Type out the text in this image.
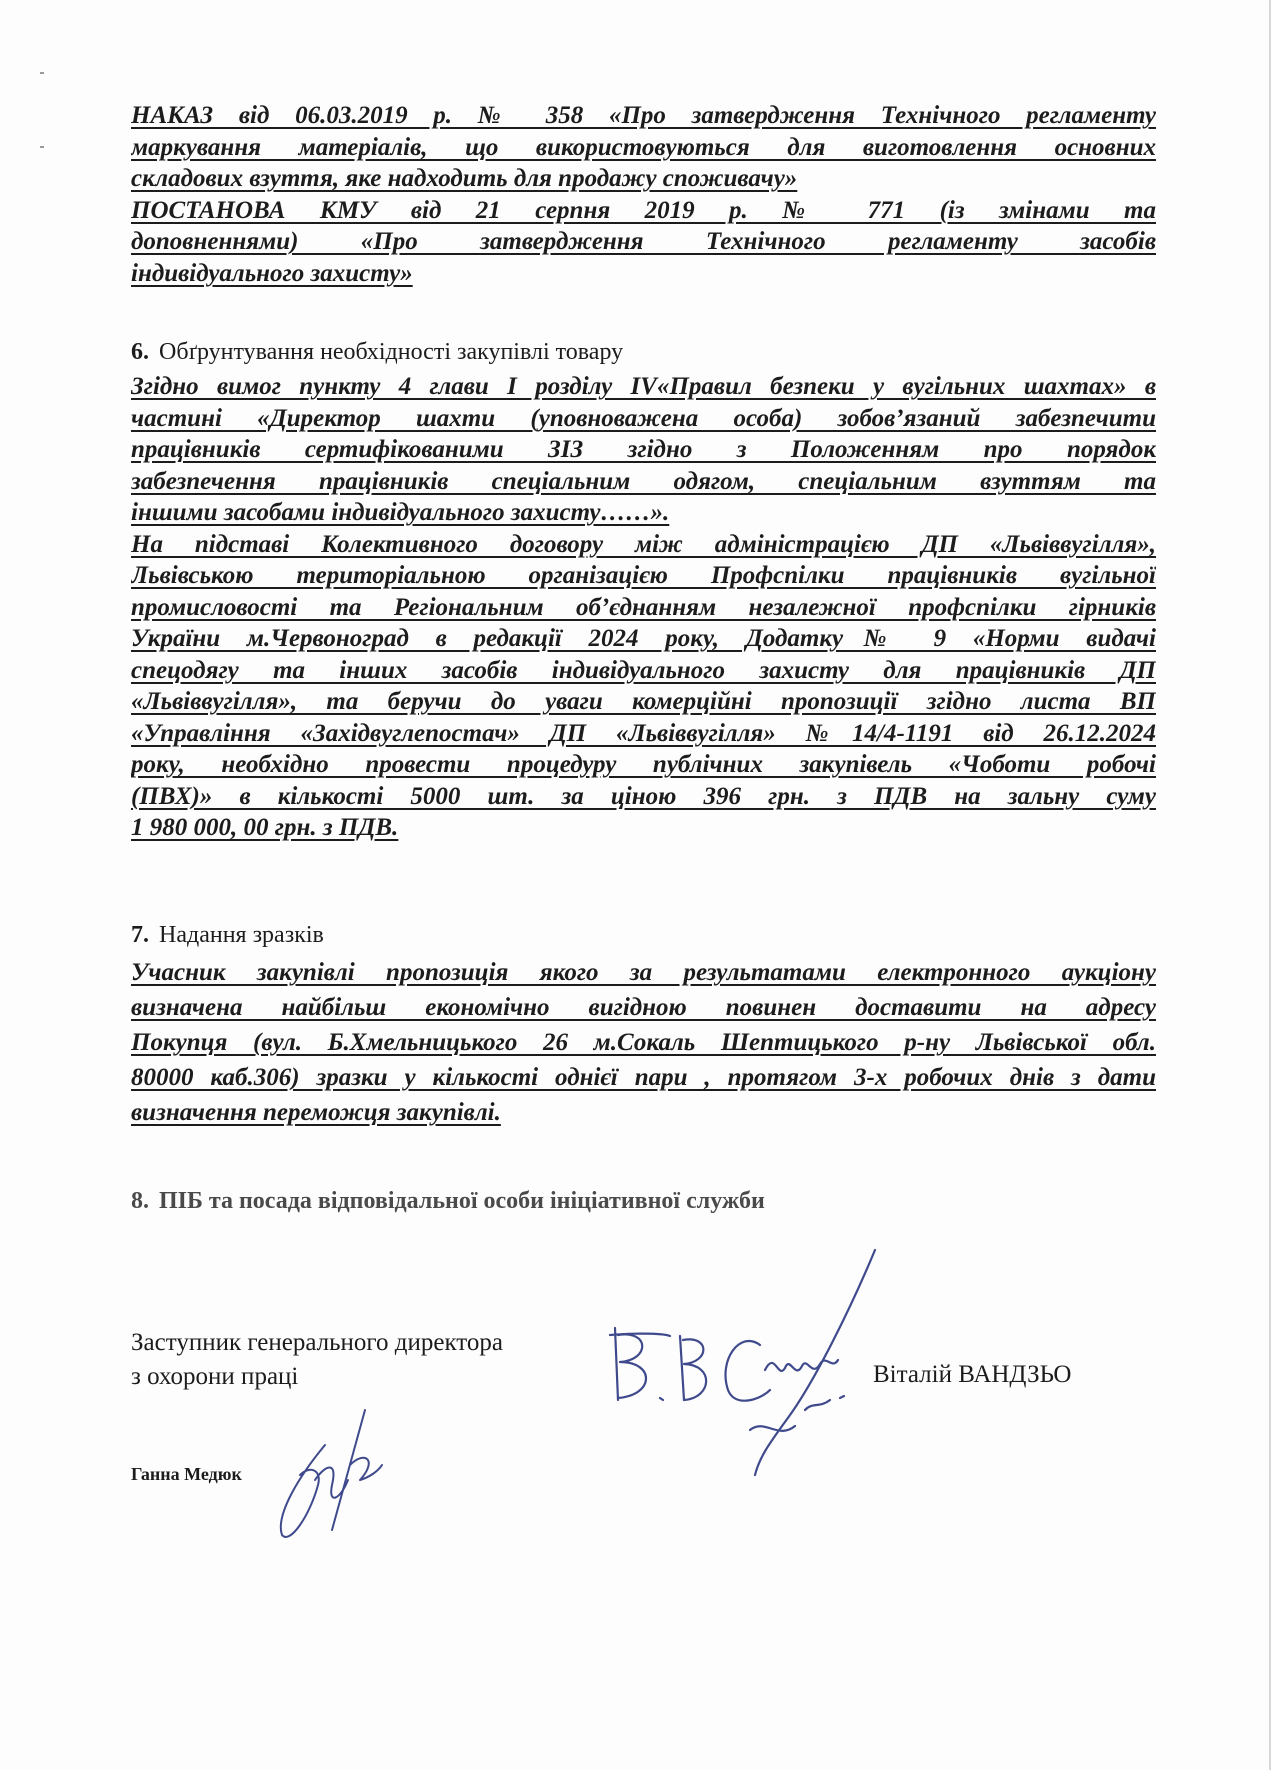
НАКАЗ від 06.03.2019 р. № 358 «Про затвердження Технічного регламенту
маркування матеріалів, що використовуються для виготовлення основних
складових взуття, яке надходить для продажу споживачу»
ПОСТАНОВА КМУ від 21 серпня 2019 р. № 771 (із змінами та
доповненнями) «Про затвердження Технічного регламенту засобів
індивідуального захисту»
6. Обґрунтування необхідності закупівлі товару
Згідно вимог пункту 4 глави I розділу IV«Правил безпеки у вугільних шахтах» в
частині «Директор шахти (уповноважена особа) зобов’язаний забезпечити
працівників сертифікованими ЗІЗ згідно з Положенням про порядок
забезпечення працівників спеціальним одягом, спеціальним взуттям та
іншими засобами індивідуального захисту……».
На підставі Колективного договору між адміністрацією ДП «Львіввугілля»,
Львівською територіальною організацією Профспілки працівників вугільної
промисловості та Регіональним об’єднанням незалежної профспілки гірників
України м.Червоноград в редакції 2024 року, Додатку№ 9 «Норми видачі
спецодягу та інших засобів індивідуального захисту для працівників ДП
«Львіввугілля», та беручи до уваги комерційні пропозиції згідно листа ВП
«Управління «Західвуглепостач» ДП «Львіввугілля» №14/4-1191 від 26.12.2024
року, необхідно провести процедуру публічних закупівель «Чоботи робочі
(ПВХ)» в кількості 5000 шт. за ціною 396 грн. з ПДВ на зальну суму
1 980 000, 00 грн. з ПДВ.
7. Надання зразків
Учасник закупівлі пропозиція якого за результатами електронного аукціону
визначена найбільш економічно вигідною повинен доставити на адресу
Покупця (вул. Б.Хмельницького 26 м.Сокаль Шептицького р-ну Львівської обл.
80000 каб.306) зразки у кількості однієї пари , протягом 3-х робочих днів з дати
визначення переможця закупівлі.
8. ПІБ та посада відповідальної особи ініціативної служби
Заступник генерального директора
з охорони праці	Віталій ВАНДЗЬО
Ганна Медюк
